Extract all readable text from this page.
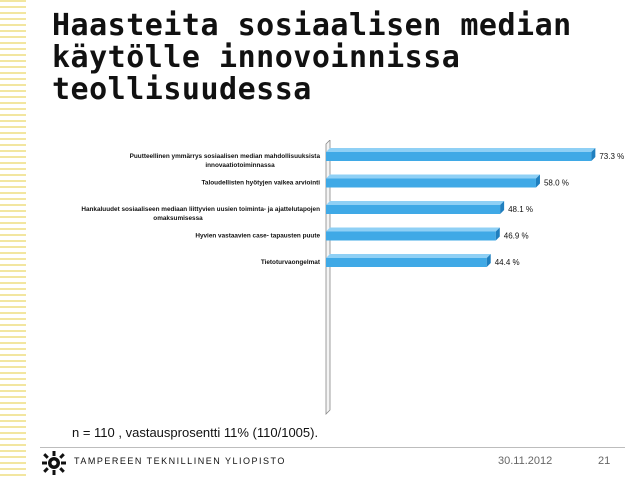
Haasteita sosiaalisen median käytölle innovoinnissa teollisuudessa
73.3 %
Puutteellinen ymmärrys sosiaalisen median mahdollisuuksista
innovaatiotoiminnassa
58.0 %
Taloudellisten hyötyjen vaikea arviointi
48.1 %
Hankaluudet sosiaaliseen mediaan liittyvien uusien toiminta- ja ajattelutapojen
omaksumisessa
46.9 %
Hyvien vastaavien case- tapausten puute
44.4 %
Tietoturvaongelmat
n = 110 , vastausprosentti 11% (110/1005).
TAMPEREEN TEKNILLINEN YLIOPISTO	30.11.2012	21
